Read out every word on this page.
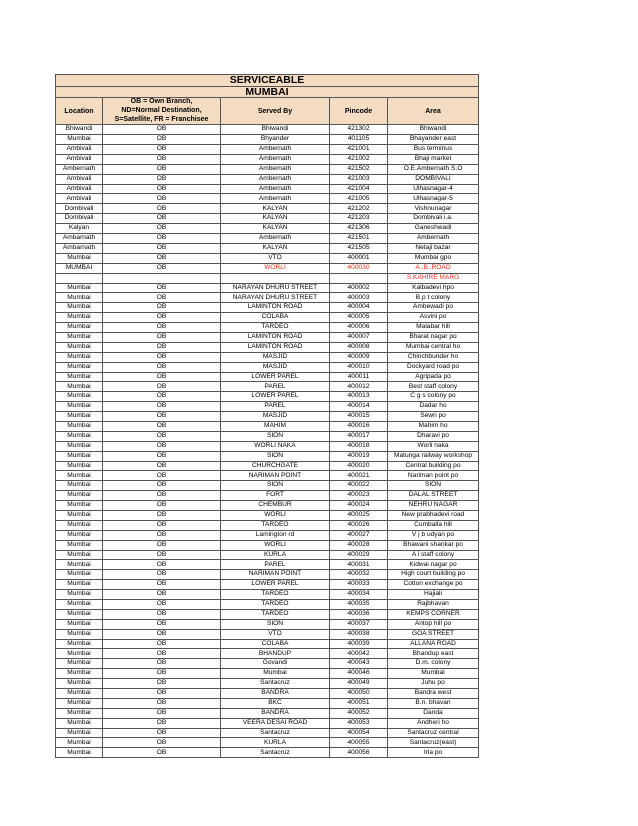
SERVICEABLE				
MUMBAI				
Location	OB = Own Branch,
ND=Normal Destination,
S=Satellite, FR = Franchisee	Served By	Pincode	Area
Bhiwandi	OB	Bhiwandi	421302	Bhiwandi
Mumbai	OB	Bhyander	401105	Bhayander east
Ambivali	OB	Ambernath	421001	Bus terminus
Ambivali	OB	Ambernath	421002	Bhaji market
Ambernath	OB	Ambernath	421502	O.E.Ambernath S.O
Ambivali	OB	Ambernath	421003	DOMBIVALI
Ambivali	OB	Ambernath	421004	Ulhasnagar-4
Ambivali	OB	Ambernath	421005	Ulhasnagar-5
Dombivali	OB	KALYAN	421202	Vishnunagar
Dombivali	OB	KALYAN	421203	Dombivali i.a.
Kalyan	OB	KALYAN	421306	Ganeshwadi
Ambarnath	OB	Ambernath	421501	Ambernath
Ambarnath	OB	KALYAN	421505	Netaji bazar
Mumbai	OB	VTO	400001	Mumbai gpo
MUMBAI	OB	WORLI	400030	A..B..ROAD
				S.KAHIRE MARG
Mumbai	OB	NARAYAN DHURU STREET	400002	Kalbadevi hpo
Mumbai	OB	NARAYAN DHURU STREET	400003	B p t colony
Mumbai	OB	LAMINTON ROAD	400004	Ambewadi po
Mumbai	OB	COLABA	400005	Asvini po
Mumbai	OB	TARDEO	400006	Malabar hill
Mumbai	OB	LAMINTON ROAD	400007	Bharat nagar po
Mumbai	OB	LAMINTON ROAD	400008	Mumbai central ho
Mumbai	OB	MASJID	400009	Chinchbunder ho
Mumbai	OB	MASJID	400010	Dockyard road po
Mumbai	OB	LOWER PAREL	400011	Agripada po
Mumbai	OB	PAREL	400012	Best staff colony
Mumbai	OB	LOWER PAREL	400013	C g s colony po
Mumbai	OB	PAREL	400014	Dadar ho
Mumbai	OB	MASJID	400015	Sewri po
Mumbai	OB	MAHIM	400016	Mahim ho
Mumbai	OB	SION	400017	Dharavi po
Mumbai	OB	WORLI NAKA	400018	Worli naka
Mumbai	OB	SION	400019	Matunga railway workshop
Mumbai	OB	CHURCHGATE	400020	Central building po
Mumbai	OB	NARIMAN POINT	400021	Nariman point po
Mumbai	OB	SION	400022	SION
Mumbai	OB	FORT	400023	DALAL STREET
Mumbai	OB	CHEMBUR	400024	NEHRU NAGAR
Mumbai	OB	WORLI	400025	New prabhadevi road
Mumbai	OB	TARDEO	400026	Cumballa hill
Mumbai	OB	Lamington rd	400027	V j b udyan po
Mumbai	OB	WORLI	400028	Bhawani shankar po
Mumbai	OB	KURLA	400029	A i staff colony
Mumbai	OB	PAREL	400031	Kidwai nagar po
Mumbai	OB	NARIMAN POINT	400032	High court building po
Mumbai	OB	LOWER PAREL	400033	Cotton exchange po
Mumbai	OB	TARDEO	400034	Hajiali
Mumbai	OB	TARDEO	400035	Rajbhavan
Mumbai	OB	TARDEO	400036	KEMPS CORNER
Mumbai	OB	SION	400037	Antop hill po
Mumbai	OB	VTO	400038	GOA STREET
Mumbai	OB	COLABA	400039	ALLANA ROAD
Mumbai	OB	BHANDUP	400042	Bhandup east
Mumbai	OB	Govandi	400043	D.m. colony
Mumbai	OB	Mumbai	400046	Mumbai
Mumbai	OB	Santacruz	400049	Juhu po
Mumbai	OB	BANDRA	400050	Bandra west
Mumbai	OB	BKC	400051	B.n. bhavan
Mumbai	OB	BANDRA	400052	Danda
Mumbai	OB	VEERA DESAI ROAD	400053	Andheri ho
Mumbai	OB	Santacruz	400054	Santacruz central
Mumbai	OB	KURLA	400055	Santacruz(east)
Mumbai	OB	Santacruz	400056	Irla po
